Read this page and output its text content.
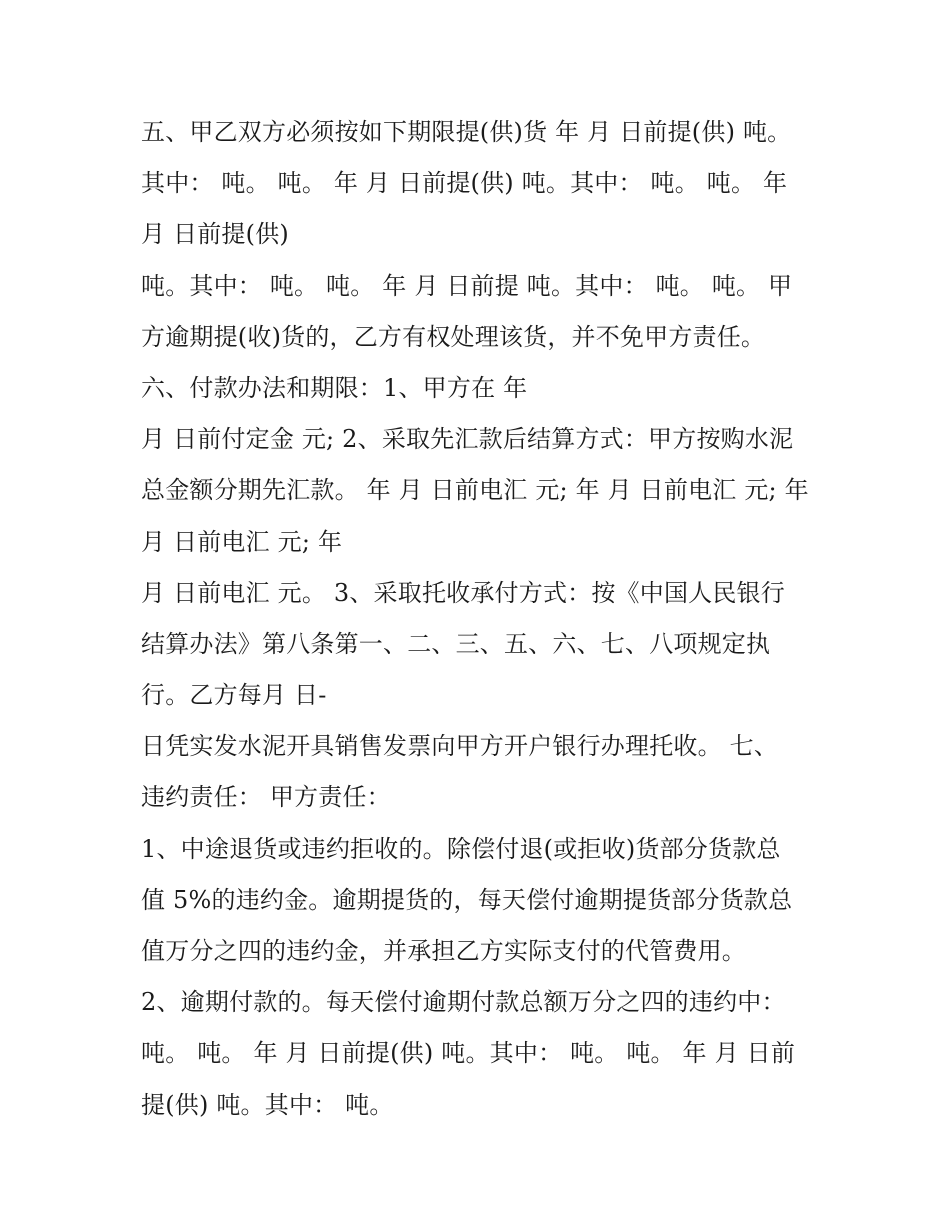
五、甲乙双方必须按如下期限提(供)货 年 月 日前提(供) 吨。
其中： 吨。 吨。 年 月 日前提(供) 吨。其中： 吨。 吨。 年
月 日前提(供)
吨。其中： 吨。 吨。 年 月 日前提 吨。其中： 吨。 吨。 甲
方逾期提(收)货的，乙方有权处理该货，并不免甲方责任。
六、付款办法和期限：1、甲方在 年
月 日前付定金 元; 2、采取先汇款后结算方式：甲方按购水泥
总金额分期先汇款。 年 月 日前电汇 元; 年 月 日前电汇 元; 年
月 日前电汇 元; 年
月 日前电汇 元。 3、采取托收承付方式：按《中国人民银行
结算办法》第八条第一、二、三、五、六、七、八项规定执
行。乙方每月 日-
日凭实发水泥开具销售发票向甲方开户银行办理托收。 七、
违约责任： 甲方责任：
1、中途退货或违约拒收的。除偿付退(或拒收)货部分货款总
值 5%的违约金。逾期提货的，每天偿付逾期提货部分货款总
值万分之四的违约金，并承担乙方实际支付的代管费用。
2、逾期付款的。每天偿付逾期付款总额万分之四的违约中：
吨。 吨。 年 月 日前提(供) 吨。其中： 吨。 吨。 年 月 日前
提(供) 吨。其中： 吨。
